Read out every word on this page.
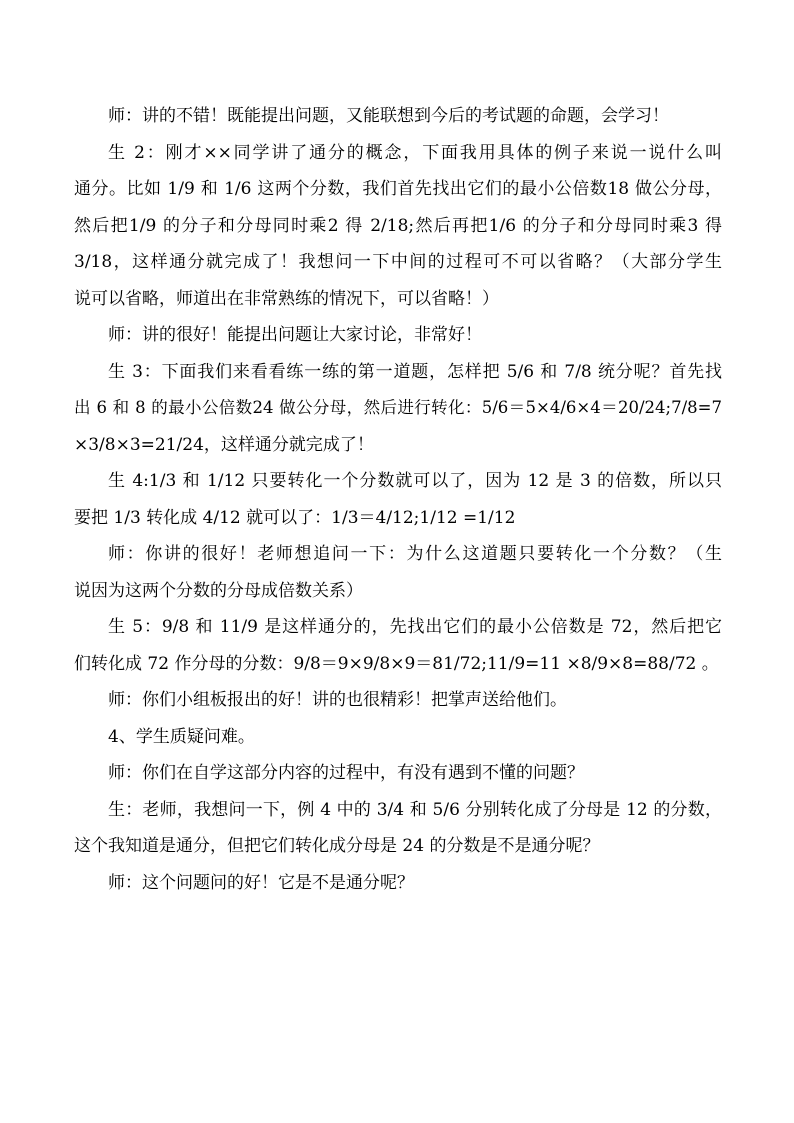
师：讲的不错！既能提出问题，又能联想到今后的考试题的命题，会学习！
生 2：刚才××同学讲了通分的概念，下面我用具体的例子来说一说什么叫
通分。比如 1/9 和 1/6 这两个分数，我们首先找出它们的最小公倍数18 做公分母，
然后把1/9 的分子和分母同时乘2 得 2/18;然后再把1/6 的分子和分母同时乘3 得
3/18，这样通分就完成了！我想问一下中间的过程可不可以省略？（大部分学生
说可以省略，师道出在非常熟练的情况下，可以省略！）
师：讲的很好！能提出问题让大家讨论，非常好！
生 3：下面我们来看看练一练的第一道题，怎样把 5/6 和 7/8 统分呢？首先找
出 6 和 8 的最小公倍数24 做公分母，然后进行转化：5/6＝5×4/6×4＝20/24;7/8=7
×3/8×3=21/24，这样通分就完成了！
生 4:1/3 和 1/12 只要转化一个分数就可以了，因为 12 是 3 的倍数，所以只
要把 1/3 转化成 4/12 就可以了：1/3＝4/12;1/12 =1/12
师：你讲的很好！老师想追问一下：为什么这道题只要转化一个分数？（生
说因为这两个分数的分母成倍数关系）
生 5：9/8 和 11/9 是这样通分的，先找出它们的最小公倍数是 72，然后把它
们转化成 72 作分母的分数：9/8＝9×9/8×9＝81/72;11/9=11 ×8/9×8=88/72 。
师：你们小组板报出的好！讲的也很精彩！把掌声送给他们。
4、学生质疑问难。
师：你们在自学这部分内容的过程中，有没有遇到不懂的问题？
生：老师，我想问一下，例 4 中的 3/4 和 5/6 分别转化成了分母是 12 的分数，
这个我知道是通分，但把它们转化成分母是 24 的分数是不是通分呢？
师：这个问题问的好！它是不是通分呢？
